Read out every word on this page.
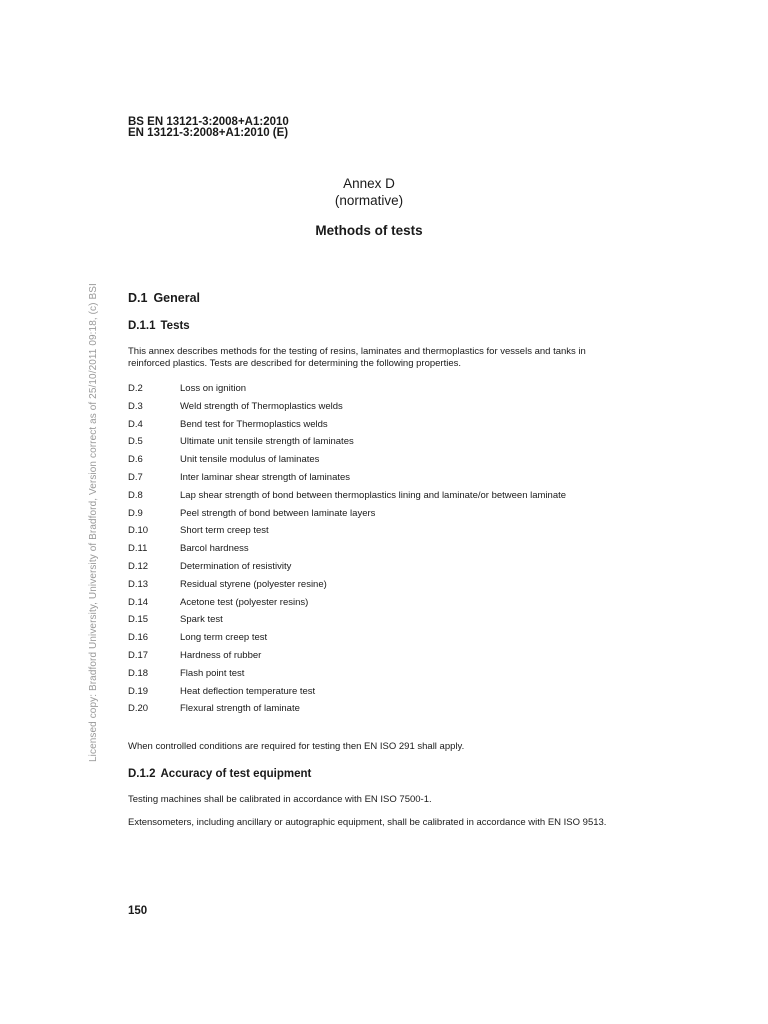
BS EN 13121-3:2008+A1:2010
EN 13121-3:2008+A1:2010 (E)
Annex D
(normative)
Methods of tests
Licensed copy: Bradford University, University of Bradford, Version correct as of 25/10/2011 09:18, (c) BSI D.1 General
D.1.1 Tests
This annex describes methods for the testing of resins, laminates and thermoplastics for vessels and tanks in reinforced plastics. Tests are described for determining the following properties.
D.2	Loss on ignition
D.3	Weld strength of Thermoplastics welds
D.4	Bend test for Thermoplastics welds
D.5	Ultimate unit tensile strength of laminates
D.6	Unit tensile modulus of laminates
D.7	Inter laminar shear strength of laminates
D.8	Lap shear strength of bond between thermoplastics lining and laminate/or between laminate
D.9	Peel strength of bond between laminate layers
D.10	Short term creep test
D.11	Barcol hardness
D.12	Determination of resistivity
D.13	Residual styrene (polyester resine)
D.14	Acetone test (polyester resins)
D.15	Spark test
D.16	Long term creep test
D.17	Hardness of rubber
D.18	Flash point test
D.19	Heat deflection temperature test
D.20	Flexural strength of laminate
When controlled conditions are required for testing then EN ISO 291 shall apply.
D.1.2 Accuracy of test equipment
Testing machines shall be calibrated in accordance with EN ISO 7500-1.
Extensometers, including ancillary or autographic equipment, shall be calibrated in accordance with EN ISO 9513.
150
